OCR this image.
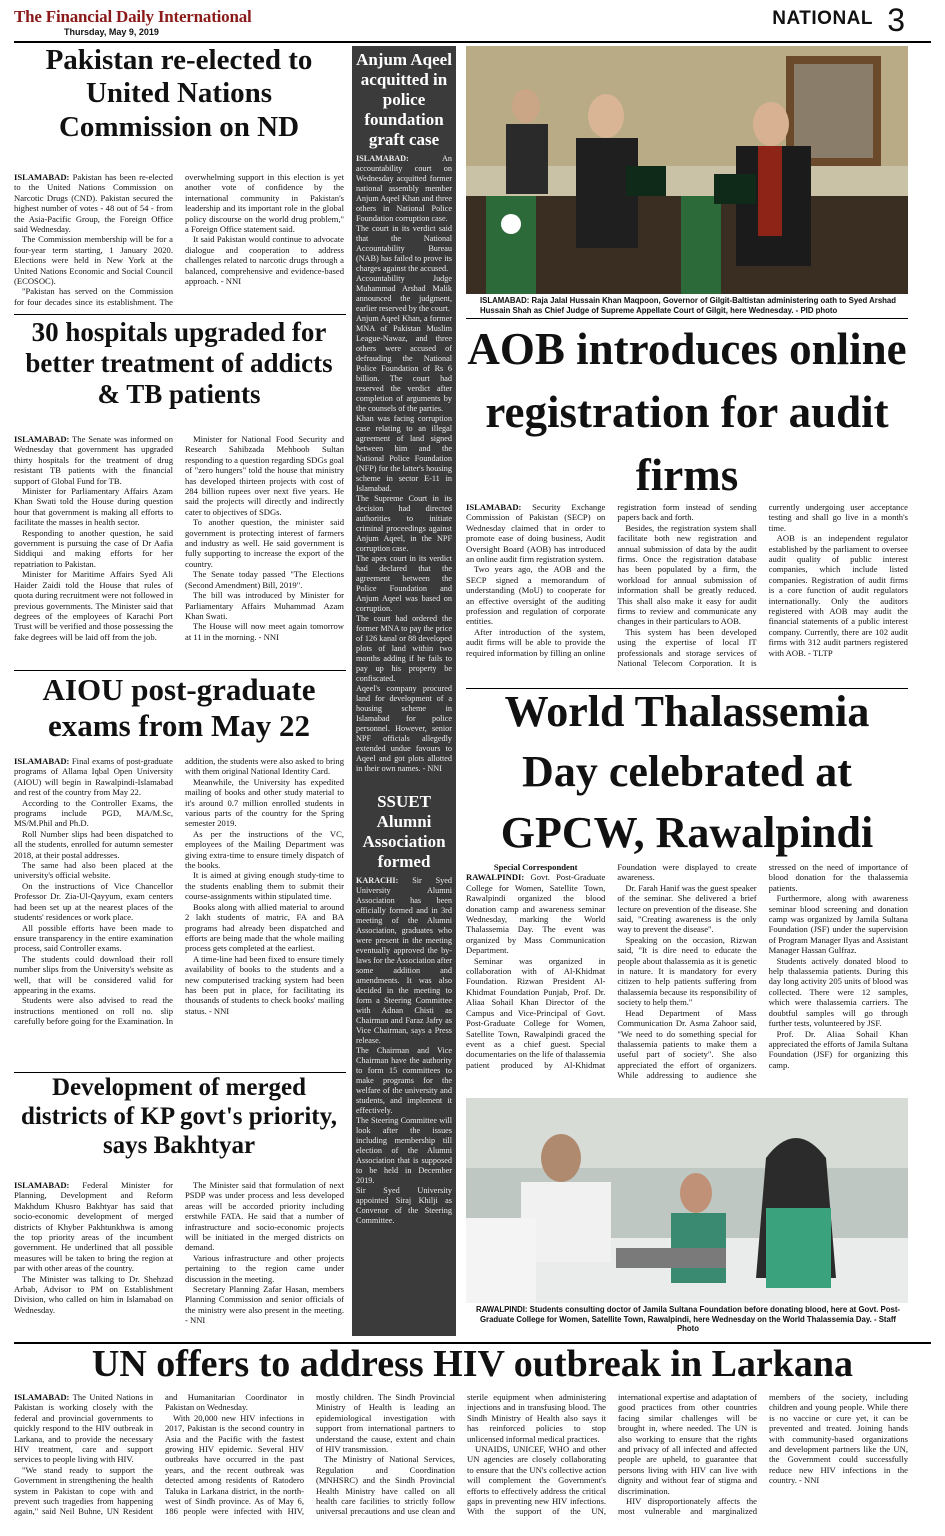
The Financial Daily International
Thursday, May 9, 2019
NATIONAL 3
Pakistan re-elected to United Nations Commission on ND

ISLAMABAD: Pakistan has been re-elected to the United Nations Commission on Narcotic Drugs (CND). Pakistan secured the highest number of votes - 48 out of 54 - from the Asia-Pacific Group, the Foreign Office said Wednesday.

The Commission membership will be for a four-year term starting, 1 January 2020. Elections were held in New York at the United Nations Economic and Social Council (ECOSOC).

"Pakistan has served on the Commission for four decades since its establishment. The overwhelming support in this election is yet another vote of confidence by the international community in Pakistan's leadership and its important role in the global policy discourse on the world drug problem," a Foreign Office statement said.

It said Pakistan would continue to advocate dialogue and cooperation to address challenges related to narcotic drugs through a balanced, comprehensive and evidence-based approach. - NNI

30 hospitals upgraded for better treatment of addicts & TB patients

ISLAMABAD: The Senate was informed on Wednesday that government has upgraded thirty hospitals for the treatment of drug resistant TB patients with the financial support of Global Fund for TB.

Minister for Parliamentary Affairs Azam Khan Swati told the House during question hour that government is making all efforts to facilitate the masses in health sector.

Responding to another question, he said government is pursuing the case of Dr Aafia Siddiqui and making efforts for her repatriation to Pakistan.

Minister for Maritime Affairs Syed Ali Haider Zaidi told the House that rules of quota during recruitment were not followed in previous governments. The Minister said that degrees of the employees of Karachi Port Trust will be verified and those possessing the fake degrees will be laid off from the job.

Minister for National Food Security and Research Sahibzada Mehboob Sultan responding to a question regarding SDGs goal of "zero hungers" told the house that ministry has developed thirteen projects with cost of 284 billion rupees over next five years. He said the projects will directly and indirectly cater to objectives of SDGs.

To another question, the minister said government is protecting interest of farmers and industry as well. He said government is fully supporting to increase the export of the country.

The Senate today passed "The Elections (Second Amendment) Bill, 2019".

The bill was introduced by Minister for Parliamentary Affairs Muhammad Azam Khan Swati.

The House will now meet again tomorrow at 11 in the morning. - NNI

AIOU post-graduate exams from May 22

ISLAMABAD: Final exams of post-graduate programs of Allama Iqbal Open University (AIOU) will begin in Rawalpindi-Islamabad and rest of the country from May 22.

According to the Controller Exams, the programs include PGD, MA/M.Sc, MS/M.Phil and Ph.D.

Roll Number slips had been dispatched to all the students, enrolled for autumn semester 2018, at their postal addresses.

The same had also been placed at the university's official website.

On the instructions of Vice Chancellor Professor Dr. Zia-Ul-Qayyum, exam centers had been set up at the nearest places of the students' residences or work place.

All possible efforts have been made to ensure transparency in the entire examination process, said Controller exams.

The students could download their roll number slips from the University's website as well, that will be considered valid for appearing in the exams.

Students were also advised to read the instructions mentioned on roll no. slip carefully before going for the Examination. In addition, the students were also asked to bring with them original National Identity Card.

Meanwhile, the University has expedited mailing of books and other study material to it's around 0.7 million enrolled students in various parts of the country for the Spring semester 2019.

As per the instructions of the VC, employees of the Mailing Department was giving extra-time to ensure timely dispatch of the books.

It is aimed at giving enough study-time to the students enabling them to submit their course-assignments within stipulated time.

Books along with allied material to around 2 lakh students of matric, FA and BA programs had already been dispatched and efforts are being made that the whole mailing process gets completed at the earliest.

A time-line had been fixed to ensure timely availability of books to the students and a new computerised tracking system had been has been put in place, for facilitating its thousands of students to check books' mailing status. - NNI

Development of merged districts of KP govt's priority, says Bakhtyar

ISLAMABAD: Federal Minister for Planning, Development and Reform Makhdum Khusro Bakhtyar has said that socio-economic development of merged districts of Khyber Pakhtunkhwa is among the top priority areas of the incumbent government. He underlined that all possible measures will be taken to bring the region at par with other areas of the country.

The Minister was talking to Dr. Shehzad Arbab, Advisor to PM on Establishment Division, who called on him in Islamabad on Wednesday.

The Minister said that formulation of next PSDP was under process and less developed areas will be accorded priority including erstwhile FATA. He said that a number of infrastructure and socio-economic projects will be initiated in the merged districts on demand.

Various infrastructure and other projects pertaining to the region came under discussion in the meeting.

Secretary Planning Zafar Hasan, members Planning Commission and senior officials of the ministry were also present in the meeting. - NNI

Anjum Aqeel acquitted in police foundation graft case

ISLAMABAD:	An accountability court on Wednesday acquitted former national assembly member Anjum Aqeel Khan and three others in National Police Foundation corruption case.

The court in its verdict said that the National Accountability Bureau (NAB) has failed to prove its charges against the accused.

Accountability Judge Muhammad Arshad Malik announced the judgment, earlier reserved by the court.

Anjum Aqeel Khan, a former MNA of Pakistan Muslim League-Nawaz, and three others were accused of defrauding the National Police Foundation of Rs 6 billion. The court had reserved the verdict after completion of arguments by the counsels of the parties.

Khan was facing corruption case relating to an illegal agreement of land signed between him and the National Police Foundation (NFP) for the latter's housing scheme in sector E-11 in Islamabad.

The Supreme Court in its decision had directed authorities to initiate criminal proceedings against Anjum Aqeel, in the NPF corruption case.

The apex court in its verdict had declared that the agreement between the Police Foundation and Anjum Aqeel was based on corruption.

The court had ordered the former MNA to pay the price of 126 kanal or 88 developed plots of land within two months adding if he fails to pay up his property be confiscated.

Aqeel's company procured land for development of a housing scheme in Islamabad for police personnel. However, senior NPF officials allegedly extended undue favours to Aqeel and got plots allotted in their own names. - NNI

SSUET Alumni Association formed

KARACHI: Sir Syed University Alumni Association has been officially formed and in 3rd meeting of the Alumni Association, graduates who were present in the meeting eventually approved the by-laws for the Association after some addition and amendments. It was also decided in the meeting to form a Steering Committee with Adnan Chisti as Chairman and Faraz Jafry as Vice Chairman, says a Press release.

The Chairman and Vice Chairman have the authority to form 15 committees to make programs for the welfare of the university and students, and implement it effectively.

The Steering Committee will look after the issues including membership till election of the Alumni Association that is supposed to be held in December 2019.

Sir Syed University appointed Siraj Khilji as Convenor of the Steering Committee.

ISLAMABAD: Raja Jalal Hussain Khan Maqpoon, Governor of Gilgit-Baltistan administering oath to Syed Arshad Hussain Shah as Chief Judge of Supreme Appellate Court of Gilgit, here Wednesday. - PID photo
AOB introduces online registration for audit firms

ISLAMABAD: Security Exchange Commission of Pakistan (SECP) on Wednesday claimed that in order to promote ease of doing business, Audit Oversight Board (AOB) has introduced an online audit firm registration system.

Two years ago, the AOB and the SECP signed a memorandum of understanding (MoU) to cooperate for an effective oversight of the auditing profession and regulation of corporate entities.

After introduction of the system, audit firms will be able to provide the required information by filling an online registration form instead of sending papers back and forth.

Besides, the registration system shall facilitate both new registration and annual submission of data by the audit firms. Once the registration database has been populated by a firm, the workload for annual submission of information shall be greatly reduced. This shall also make it easy for audit firms to review and communicate any changes in their particulars to AOB.

This system has been developed using the expertise of local IT professionals and storage services of National Telecom Corporation. It is currently undergoing user acceptance testing and shall go live in a month's time.

AOB is an independent regulator established by the parliament to oversee audit quality of public interest companies, which include listed companies. Registration of audit firms is a core function of audit regulators internationally. Only the auditors registered with AOB may audit the financial statements of a public interest company. Currently, there are 102 audit firms with 312 audit partners registered with AOB. - TLTP

World Thalassemia Day celebrated at GPCW, Rawalpindi

Special Correspondent

RAWALPINDI: Govt. Post-Graduate College for Women, Satellite Town, Rawalpindi organized the blood donation camp and awareness seminar Wednesday, marking the World Thalassemia Day. The event was organized by Mass Communication Department.

Seminar was organized in collaboration with of Al-Khidmat Foundation. Rizwan President Al-Khidmat Foundation Punjab, Prof. Dr. Aliaa Sohail Khan Director of the Campus and Vice-Principal of Govt. Post-Graduate College for Women, Satellite Town, Rawalpindi graced the event as a chief guest. Special documentaries on the life of thalassemia patient produced by Al-Khidmat Foundation were displayed to create awareness.

Dr. Farah Hanif was the guest speaker of the seminar. She delivered a brief lecture on prevention of the disease. She said, "Creating awareness is the only way to prevent the disease".

Speaking on the occasion, Rizwan said, "It is dire need to educate the people about thalassemia as it is genetic in nature. It is mandatory for every citizen to help patients suffering from thalassemia because its responsibility of society to help them."

Head Department of Mass Communication Dr. Asma Zahoor said, "We need to do something special for thalassemia patients to make them a useful part of society". She also appreciated the effort of organizers. While addressing to audience she stressed on the need of importance of blood donation for the thalassemia patients.

Furthermore, along with awareness seminar blood screening and donation camp was organized by Jamila Sultana Foundation (JSF) under the supervision of Program Manager Ilyas and Assistant Manager Hassan Gulfraz.

Students actively donated blood to help thalassemia patients. During this day long activity 205 units of blood was collected. There were 12 samples, which were thalassemia carriers. The doubtful samples will go through further tests, volunteered by JSF.

Prof. Dr. Aliaa Sohail Khan appreciated the efforts of Jamila Sultana Foundation (JSF) for organizing this camp.

RAWALPINDI: Students consulting doctor of Jamila Sultana Foundation before donating blood, here at Govt. Post-Graduate College for Women, Satellite Town, Rawalpindi, here Wednesday on the World Thalassemia Day. - Staff Photo
UN offers to address HIV outbreak in Larkana

ISLAMABAD: The United Nations in Pakistan is working closely with the federal and provincial governments to quickly respond to the HIV outbreak in Larkana, and to provide the necessary HIV treatment, care and support services to people living with HIV.

"We stand ready to support the Government in strengthening the health system in Pakistan to cope with and prevent such tragedies from happening again," said Neil Buhne, UN Resident and Humanitarian Coordinator in Pakistan on Wednesday.

With 20,000 new HIV infections in 2017, Pakistan is the second country in Asia and the Pacific with the fastest growing HIV epidemic. Several HIV outbreaks have occurred in the past years, and the recent outbreak was detected among residents of Ratodero Taluka in Larkana district, in the north-west of Sindh province. As of May 6, 186 people were infected with HIV, mostly children. The Sindh Provincial Ministry of Health is leading an epidemiological investigation with support from international partners to understand the cause, extent and chain of HIV transmission.

The Ministry of National Services, Regulation and Coordination (MNHSRC) and the Sindh Provincial Health Ministry have called on all health care facilities to strictly follow universal precautions and use clean and sterile equipment when administering injections and in transfusing blood. The Sindh Ministry of Health also says it has reinforced policies to stop unlicensed informal medical practices.

UNAIDS, UNICEF, WHO and other UN agencies are closely collaborating to ensure that the UN's collective action will complement the Government's efforts to effectively address the critical gaps in preventing new HIV infections. With the support of the UN, international expertise and adaptation of good practices from other countries facing similar challenges will be brought in, where needed. The UN is also working to ensure that the rights and privacy of all infected and affected people are upheld, to guarantee that persons living with HIV can live with dignity and without fear of stigma and discrimination.

HIV disproportionately affects the most vulnerable and marginalized members of the society, including children and young people. While there is no vaccine or cure yet, it can be prevented and treated. Joining hands with community-based organizations and development partners like the UN, the Government could successfully reduce new HIV infections in the country. - NNI
